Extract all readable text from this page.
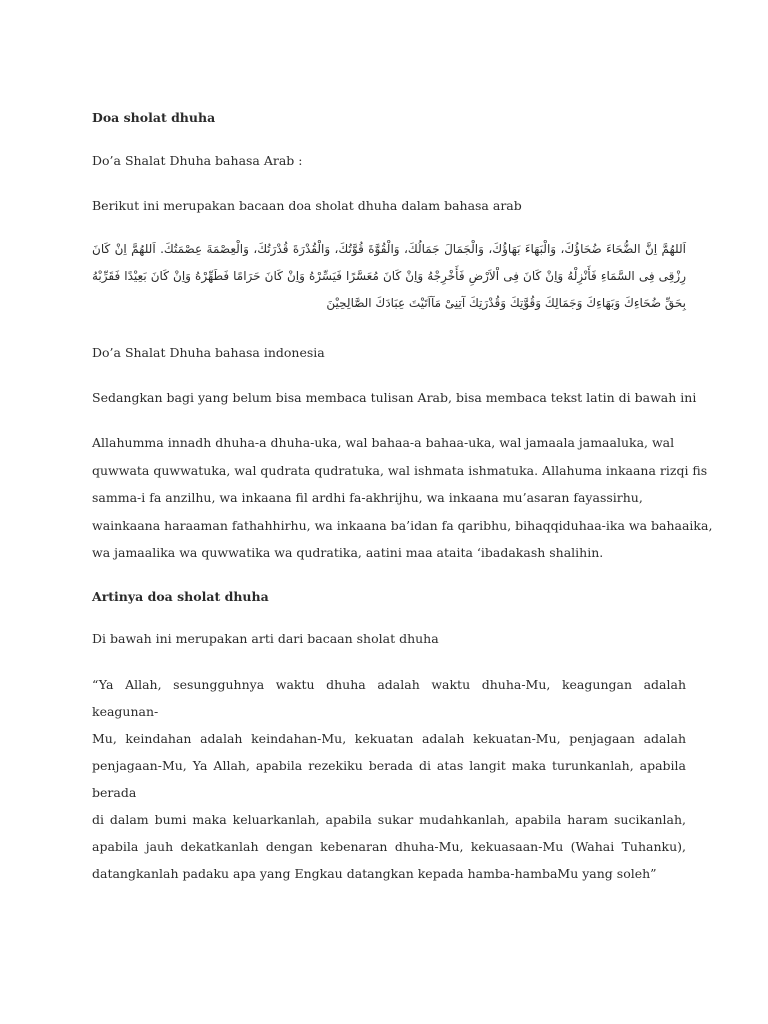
Doa sholat dhuha
Do’a Shalat Dhuha bahasa Arab :
Berikut ini merupakan bacaan doa sholat dhuha dalam bahasa arab
اَللهُمَّ اِنَّ الضُّحَاءَ ضُحَاؤُكَ، وَالْبَهَاءَ بَهَاؤُكَ، وَالْجَمَالَ جَمَالُكَ، وَالْقُوَّةَ قُوَّتُكَ، وَالْقُدْرَةَ قُدْرَتُكَ، وَالْعِصْمَةَ عِصْمَتُكَ. اَللهُمَّ اِنْ كَانَ رِزْقِى فِى السَّمَاءِ فَأَنْزِلْهُ وَاِنْ كَانَ فِى اْلاَرْضِ فَأَخْرِجْهُ وَاِنْ كَانَ مُعَسَّرًا فَيَسِّرْهُ وَاِنْ كَانَ حَرَامًا فَطَهِّرْهُ وَاِنْ كَانَ بَعِيْدًا فَقَرِّبْهُ بِحَقِّ ضُحَاءِكَ وَبَهَاءِكَ وَجَمَالِكَ وَقُوَّتِكَ وَقُدْرَتِكَ آتِنِىْ مَآاَتَيْتَ عِبَادَكَ الصَّالِحِيْنَ
Do’a Shalat Dhuha bahasa indonesia
Sedangkan bagi yang belum bisa membaca tulisan Arab, bisa membaca tekst latin di bawah ini
Allahumma innadh dhuha-a dhuha-uka, wal bahaa-a bahaa-uka, wal jamaala jamaaluka, wal
quwwata quwwatuka, wal qudrata qudratuka, wal ishmata ishmatuka. Allahuma inkaana rizqi fis
samma-i fa anzilhu, wa inkaana fil ardhi fa-akhrijhu, wa inkaana mu’asaran fayassirhu,
wainkaana haraaman fathahhirhu, wa inkaana ba’idan fa qaribhu, bihaqqiduhaa-ika wa bahaaika,
wa jamaalika wa quwwatika wa qudratika, aatini maa ataita ‘ibadakash shalihin.
Artinya doa sholat dhuha
Di bawah ini merupakan arti dari bacaan sholat dhuha
“Ya Allah, sesungguhnya waktu dhuha adalah waktu dhuha-Mu, keagungan adalah keagunan-
Mu, keindahan adalah keindahan-Mu, kekuatan adalah kekuatan-Mu, penjagaan adalah
penjagaan-Mu, Ya Allah, apabila rezekiku berada di atas langit maka turunkanlah, apabila berada
di dalam bumi maka keluarkanlah, apabila sukar mudahkanlah, apabila haram sucikanlah,
apabila jauh dekatkanlah dengan kebenaran dhuha-Mu, kekuasaan-Mu (Wahai Tuhanku),
datangkanlah padaku apa yang Engkau datangkan kepada hamba-hambaMu yang soleh”
